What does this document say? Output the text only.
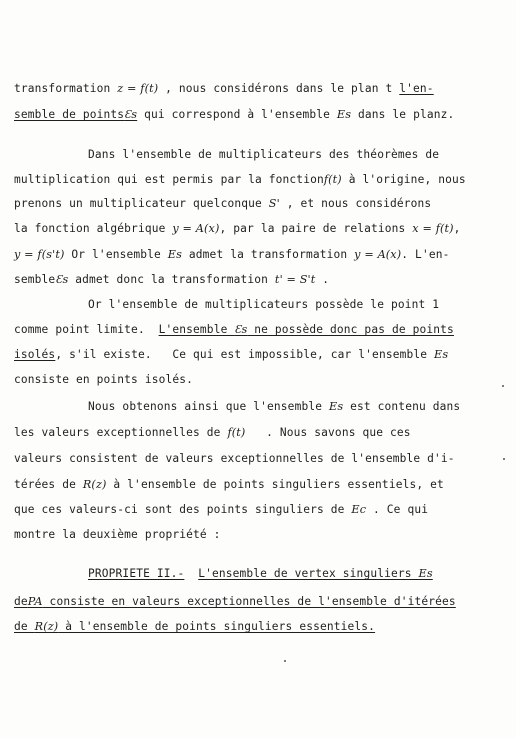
transformation z = f(t) , nous considérons dans le plan t l'en-
semble de pointsƐs qui correspond à l'ensemble Es dans le planz.
Dans l'ensemble de multiplicateurs des théorèmes de
multiplication qui est permis par la fonctionf(t) à l'origine, nous
prenons un multiplicateur quelconque S' , et nous considérons
la fonction algébrique y = A(x), par la paire de relations x = f(t),
y = f(s't) Or l'ensemble Es admet la transformation y = A(x). L'en-
sembleƐs admet donc la transformation t' = S't .
Or l'ensemble de multiplicateurs possède le point 1
comme point limite.  L'ensemble Ɛs ne possède donc pas de points
isolés, s'il existe.   Ce qui est impossible, car l'ensemble Es
consiste en points isolés.
Nous obtenons ainsi que l'ensemble Es est contenu dans
les valeurs exceptionnelles de f(t)   . Nous savons que ces
valeurs consistent de valeurs exceptionnelles de l'ensemble d'i-
térées de R(z) à l'ensemble de points singuliers essentiels, et
que ces valeurs-ci sont des points singuliers de Ec . Ce qui
montre la deuxième propriété :
PROPRIETE II.- L'ensemble de vertex singuliers Es
dePA consiste en valeurs exceptionnelles de l'ensemble d'itérées
de R(z) à l'ensemble de points singuliers essentiels.
